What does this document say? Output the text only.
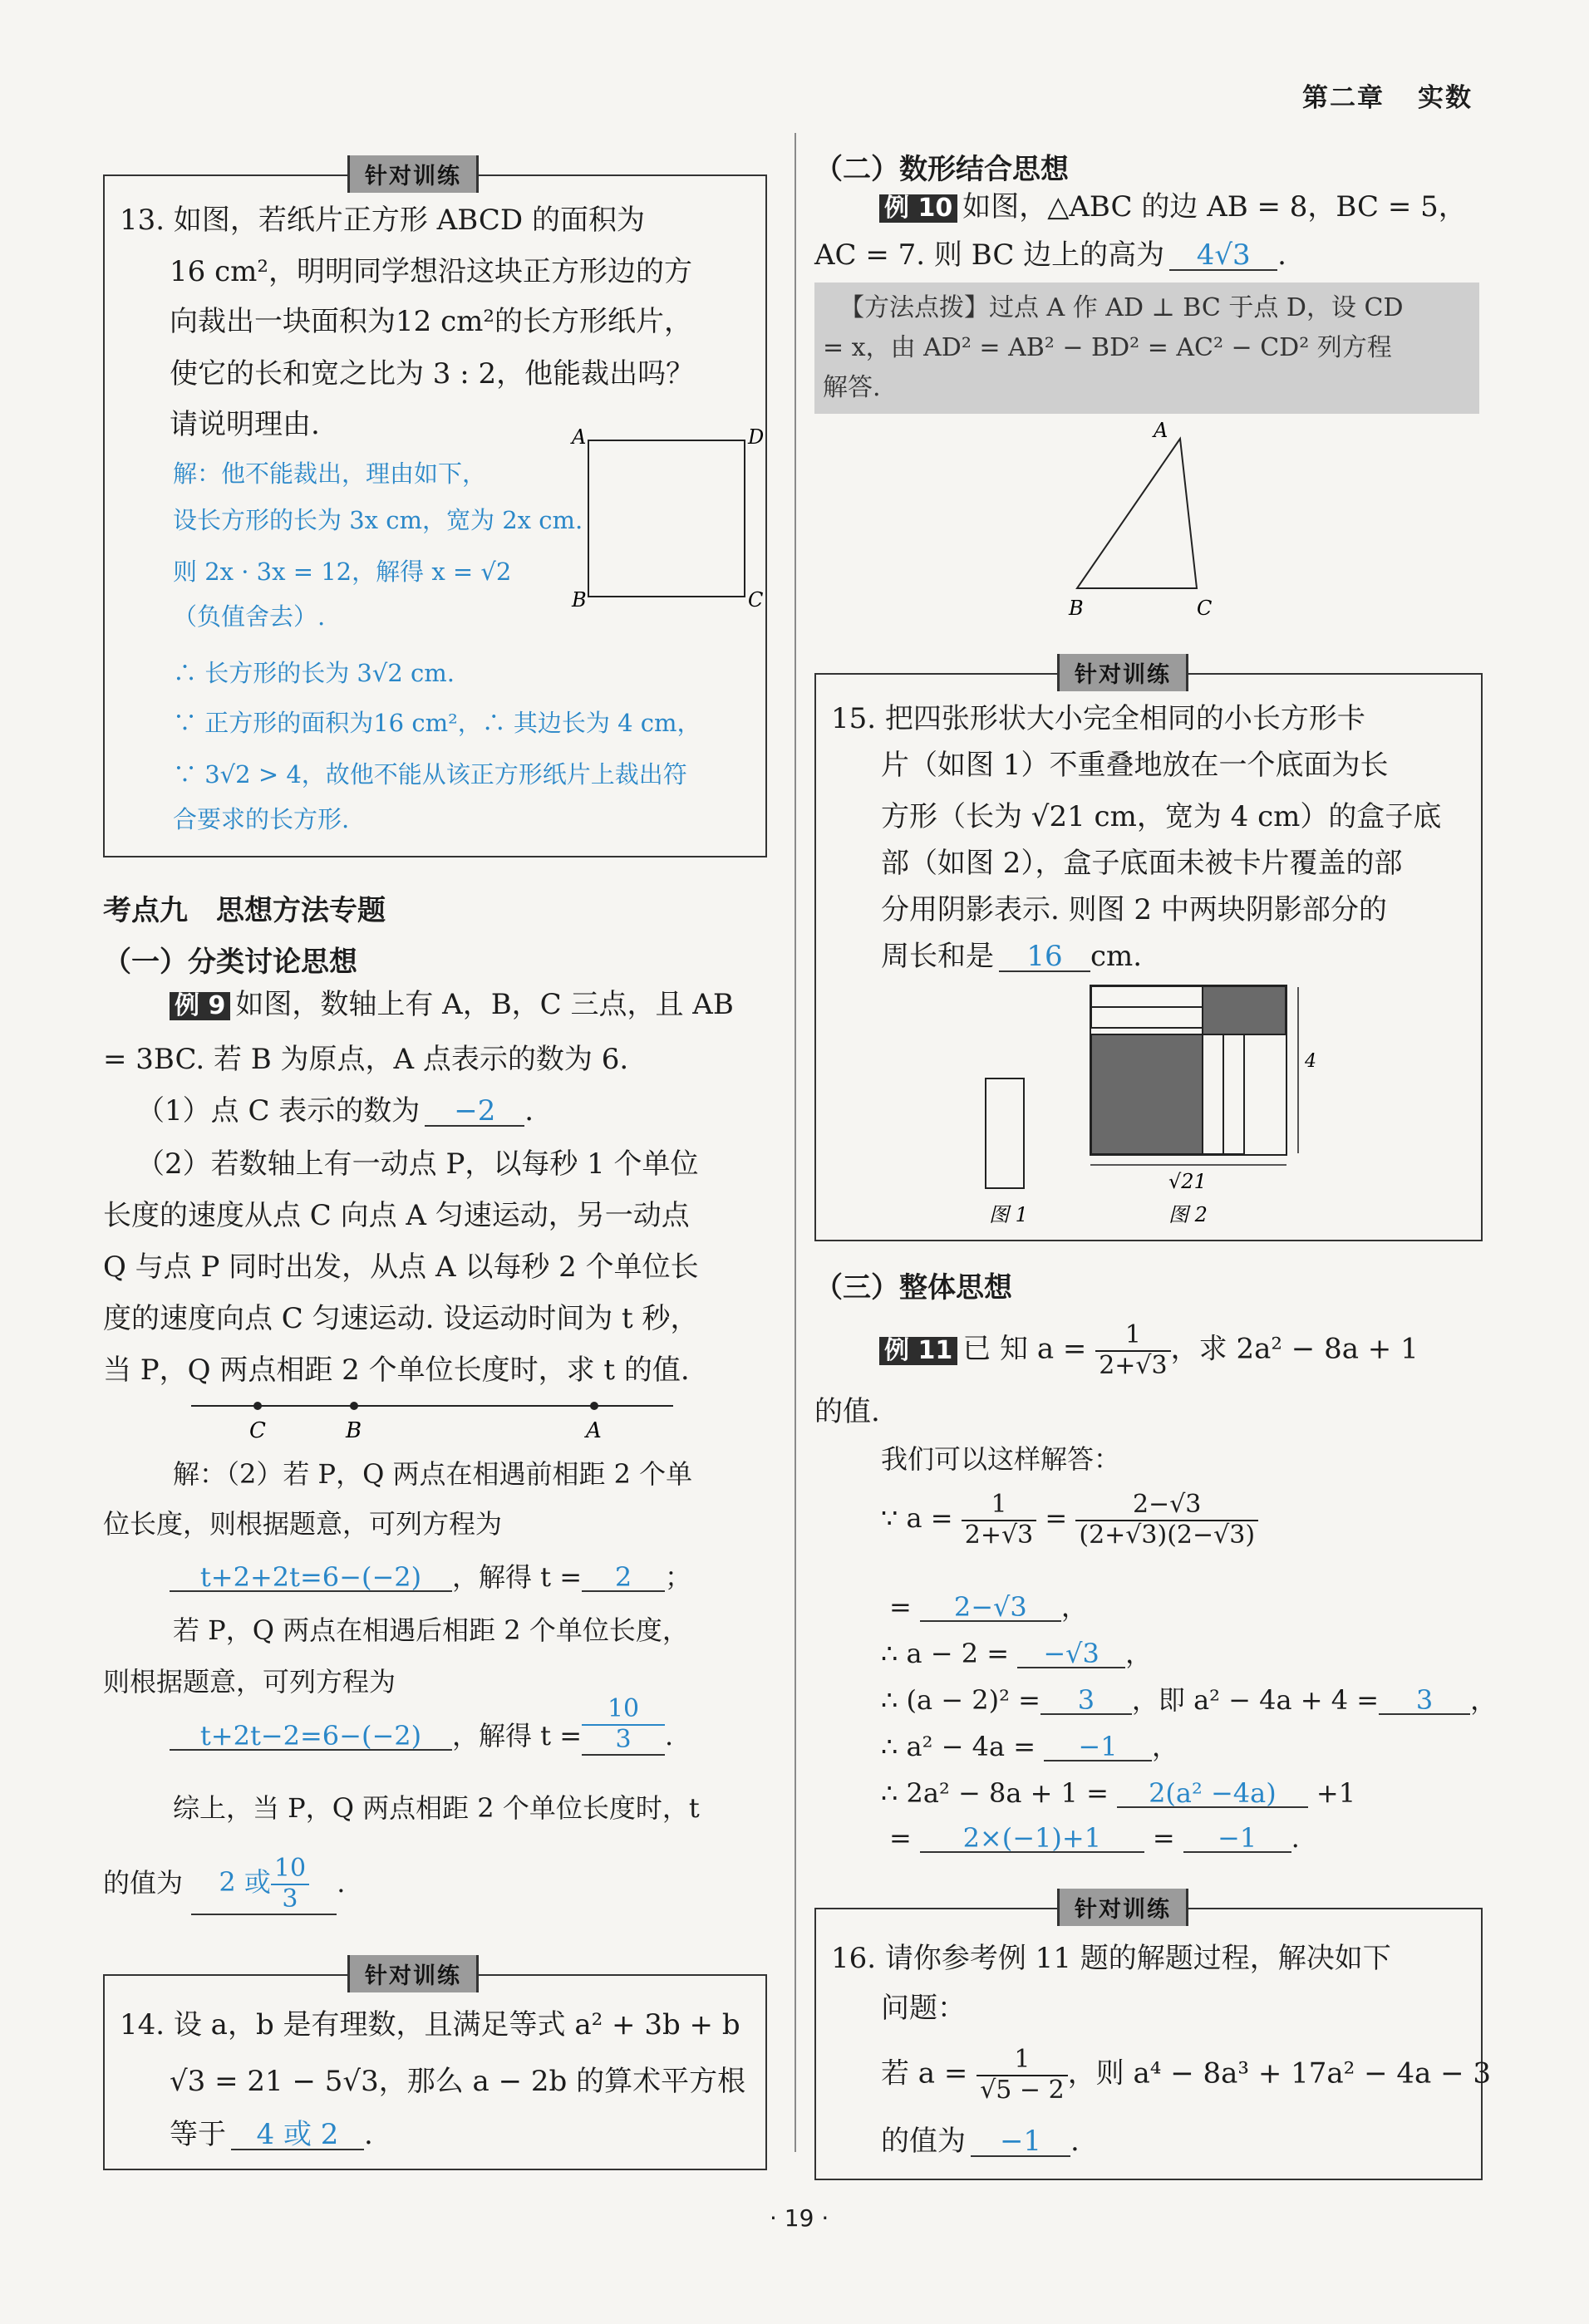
第二章 实数
针对训练
13. 如图，若纸片正方形 ABCD 的面积为
16 cm²，明明同学想沿这块正方形边的方
向裁出一块面积为12 cm²的长方形纸片，
使它的长和宽之比为 3 : 2，他能裁出吗？
请说明理由.
解：他不能裁出，理由如下，
设长方形的长为 3x cm，宽为 2x cm.
则 2x · 3x = 12，解得 x = √2
（负值舍去）.
∴ 长方形的长为 3√2 cm.
∵ 正方形的面积为16 cm²，∴ 其边长为 4 cm，
∵ 3√2 > 4，故他不能从该正方形纸片上裁出符
合要求的长方形.
A	D
B	C
考点九　思想方法专题
（一）分类讨论思想
例 9 如图，数轴上有 A，B，C 三点，且 AB
= 3BC. 若 B 为原点，A 点表示的数为 6.
（1）点 C 表示的数为 −2 .
（2）若数轴上有一动点 P，以每秒 1 个单位
长度的速度从点 C 向点 A 匀速运动，另一动点
Q 与点 P 同时出发，从点 A 以每秒 2 个单位长
度的速度向点 C 匀速运动. 设运动时间为 t 秒，
当 P，Q 两点相距 2 个单位长度时，求 t 的值.
C	B	A
解：（2）若 P，Q 两点在相遇前相距 2 个单
位长度，则根据题意，可列方程为
t+2+2t=6−(−2) ，解得 t = 2 ；
若 P，Q 两点在相遇后相距 2 个单位长度，
则根据题意，可列方程为
t+2t−2=6−(−2) ，解得 $t = \frac{10}{3}$ .
综上，当 P，Q 两点相距 2 个单位长度时，t
的值为 2 或 $\frac{10}{3}$ .
针对训练
14. 设 a，b 是有理数，且满足等式 a² + 3b + b
√3 = 21 − 5√3，那么 a − 2b 的算术平方根
等于 4 或 2 .
（二）数形结合思想
例 10 如图，△ABC 的边 AB = 8，BC = 5，
AC = 7. 则 BC 边上的高为 4√3 .
【方法点拨】过点 A 作 AD ⊥ BC 于点 D，设 CD
= x，由 AD² = AB² − BD² = AC² − CD² 列方程
解答.
A
B	C
针对训练
15. 把四张形状大小完全相同的小长方形卡
片（如图 1）不重叠地放在一个底面为长
方形（长为 √21 cm，宽为 4 cm）的盒子底
部（如图 2），盒子底面未被卡片覆盖的部
分用阴影表示. 则图 2 中两块阴影部分的
周长和是 16 cm.
4
√21
图 1	图 2
（三）整体思想
例 11 已 知 $a = \frac{1}{2+√3}$ ，求 2a² − 8a + 1
的值.
我们可以这样解答：
∵ $a = \frac{1}{2+√3} = \frac{2-√3}{(2+√3)(2-√3)}$
= 2−√3 ，
∴ a − 2 = −√3 ，
∴ (a − 2)² = 3 ，即 a² − 4a + 4 = 3 ，
∴ a² − 4a = −1 ，
∴ 2a² − 8a + 1 = 2(a² −4a) +1
= 2×(−1)+1 = −1 .
针对训练
16. 请你参考例 11 题的解题过程，解决如下
问题：
若 $a = \frac{1}{√5 - 2}$ ，则 a⁴ − 8a³ + 17a² − 4a − 3
的值为 −1 .
· 19 ·
